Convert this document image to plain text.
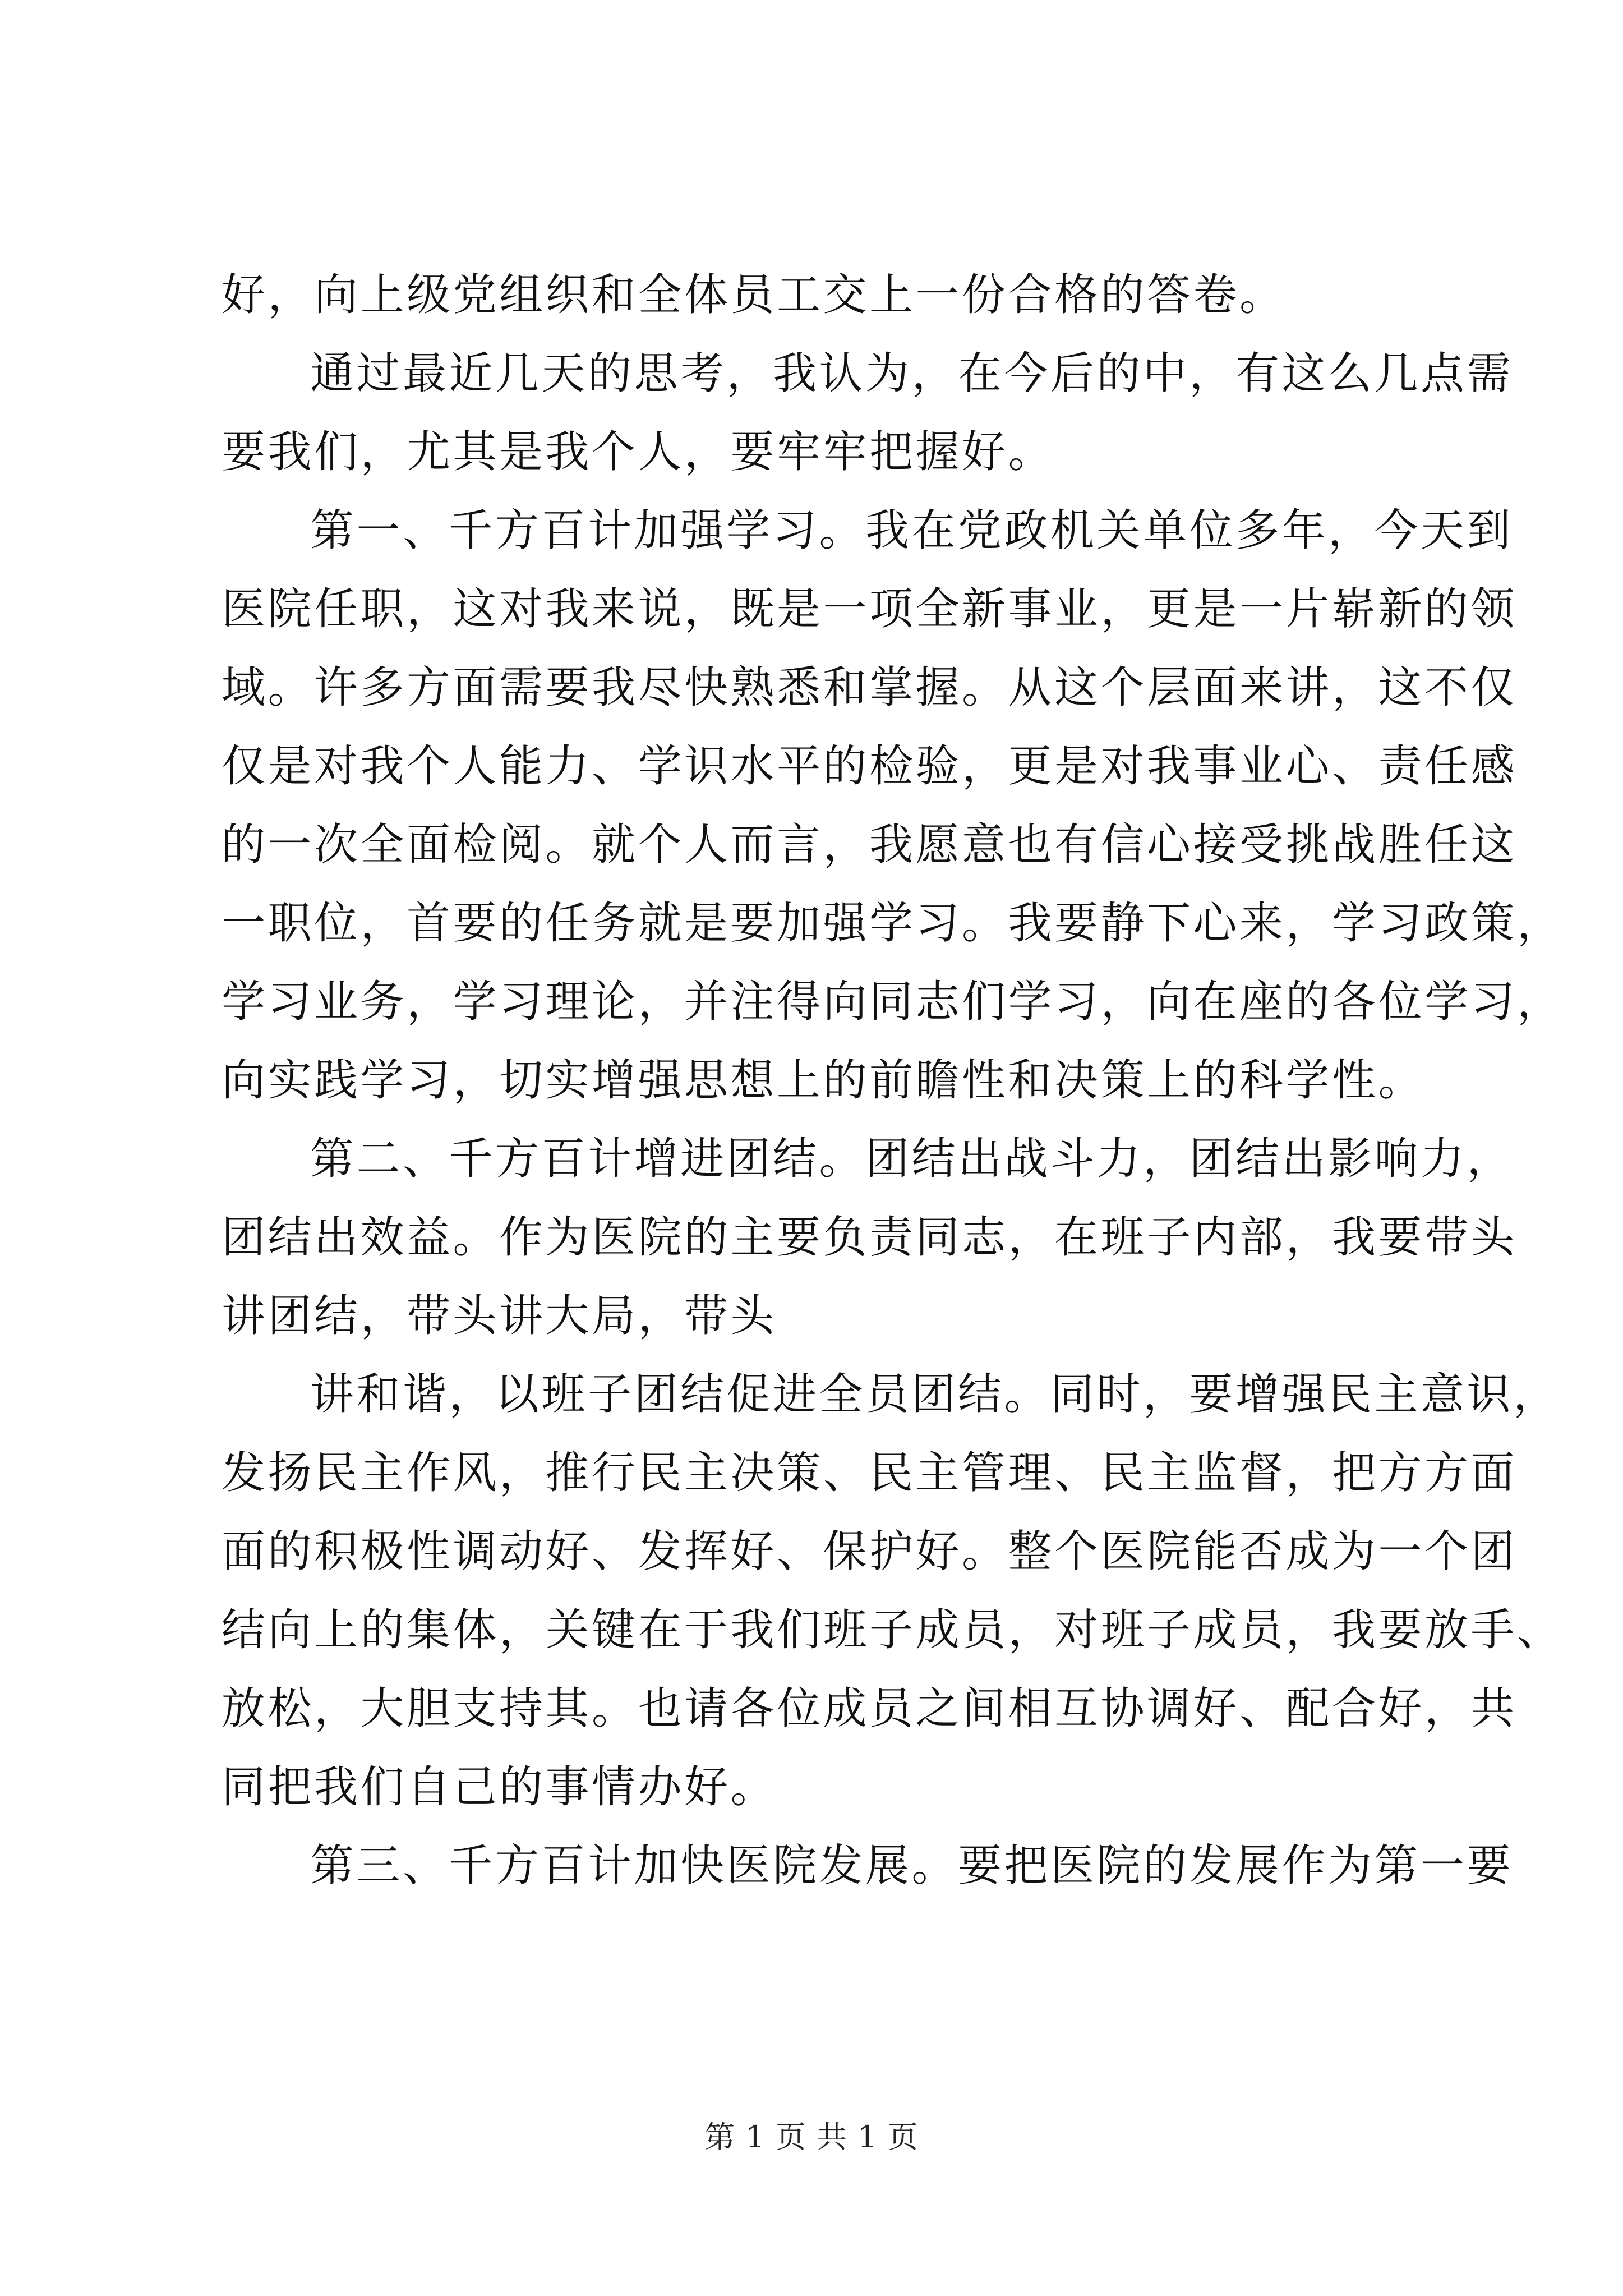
好，向上级党组织和全体员工交上一份合格的答卷。
通过最近几天的思考，我认为，在今后的中，有这么几点需
要我们，尤其是我个人，要牢牢把握好。
第一、千方百计加强学习。我在党政机关单位多年，今天到
医院任职，这对我来说，既是一项全新事业，更是一片崭新的领
域。许多方面需要我尽快熟悉和掌握。从这个层面来讲，这不仅
仅是对我个人能力、学识水平的检验，更是对我事业心、责任感
的一次全面检阅。就个人而言，我愿意也有信心接受挑战胜任这
一职位，首要的任务就是要加强学习。我要静下心来，学习政策，
学习业务，学习理论，并注得向同志们学习，向在座的各位学习，
向实践学习，切实增强思想上的前瞻性和决策上的科学性。
第二、千方百计增进团结。团结出战斗力，团结出影响力，
团结出效益。作为医院的主要负责同志，在班子内部，我要带头
讲团结，带头讲大局，带头
讲和谐，以班子团结促进全员团结。同时，要增强民主意识，
发扬民主作风，推行民主决策、民主管理、民主监督，把方方面
面的积极性调动好、发挥好、保护好。整个医院能否成为一个团
结向上的集体，关键在于我们班子成员，对班子成员，我要放手、
放松，大胆支持其。也请各位成员之间相互协调好、配合好，共
同把我们自己的事情办好。
第三、千方百计加快医院发展。要把医院的发展作为第一要
第 1 页 共 1 页
